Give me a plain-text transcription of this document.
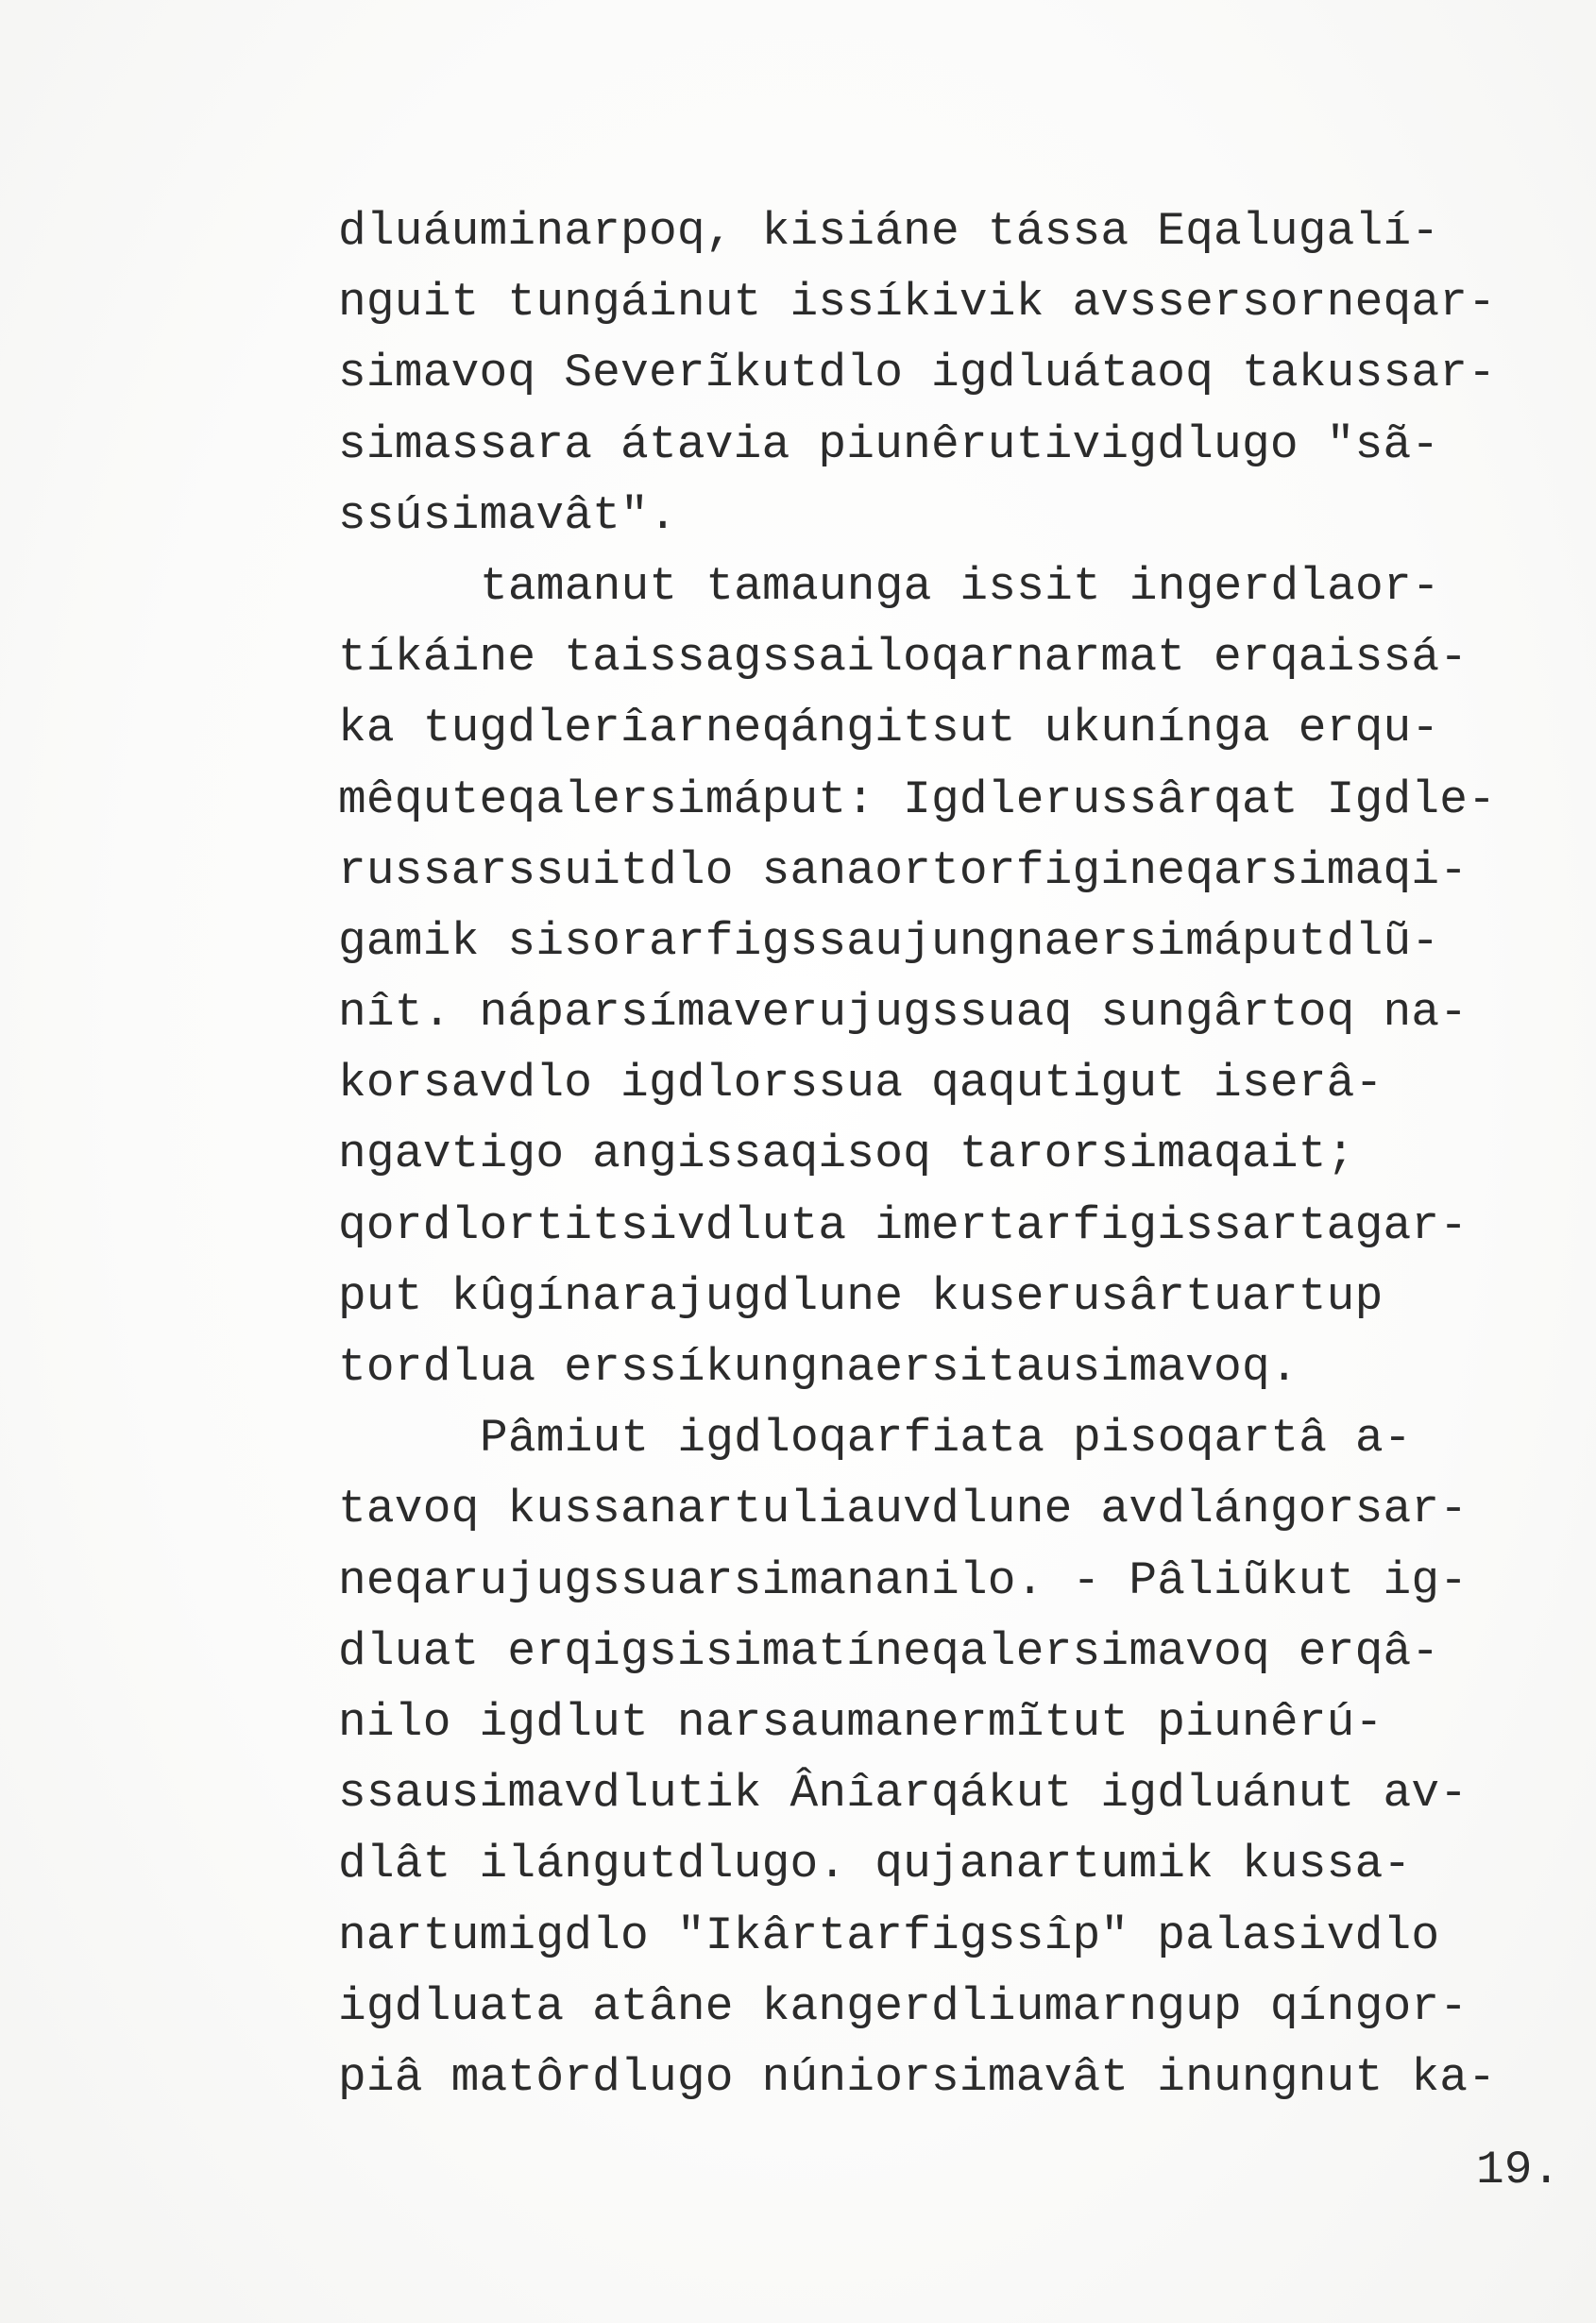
dluáuminarpoq, kisiáne tássa Eqalugalí-
nguit tungáinut issíkivik avssersorneqar-
simavoq Severĩkutdlo igdluátaoq takussar-
simassara átavia piunêrutivigdlugo "sã-
ssúsimavât".
tamanut tamaunga issit ingerdlaor-
tíkáine taissagssailoqarnarmat erqaissá-
ka tugdlerîarneqángitsut ukunínga erqu-
mêquteqalersimáput: Igdlerussârqat Igdle-
russarssuitdlo sanaortorfigineqarsimaqi-
gamik sisorarfigssaujungnaersimáputdlũ-
nît. náparsímaverujugssuaq sungârtoq na-
korsavdlo igdlorssua qaqutigut iserâ-
ngavtigo angissaqisoq tarorsimaqait;
qordlortitsivdluta imertarfigissartagar-
put kûgínarajugdlune kuserusârtuartup
tordlua erssíkungnaersitausimavoq.
Pâmiut igdloqarfiata pisoqartâ a-
tavoq kussanartuliauvdlune avdlángorsar-
neqarujugssuarsimananilo. - Pâliũkut ig-
dluat erqigsisimatíneqalersimavoq erqâ-
nilo igdlut narsaumanermĩtut piunêrú-
ssausimavdlutik Ânîarqákut igdluánut av-
dlât ilángutdlugo. qujanartumik kussa-
nartumigdlo "Ikârtarfigssîp" palasivdlo
igdluata atâne kangerdliumarngup qíngor-
piâ matôrdlugo núniorsimavât inungnut ka-
19.
